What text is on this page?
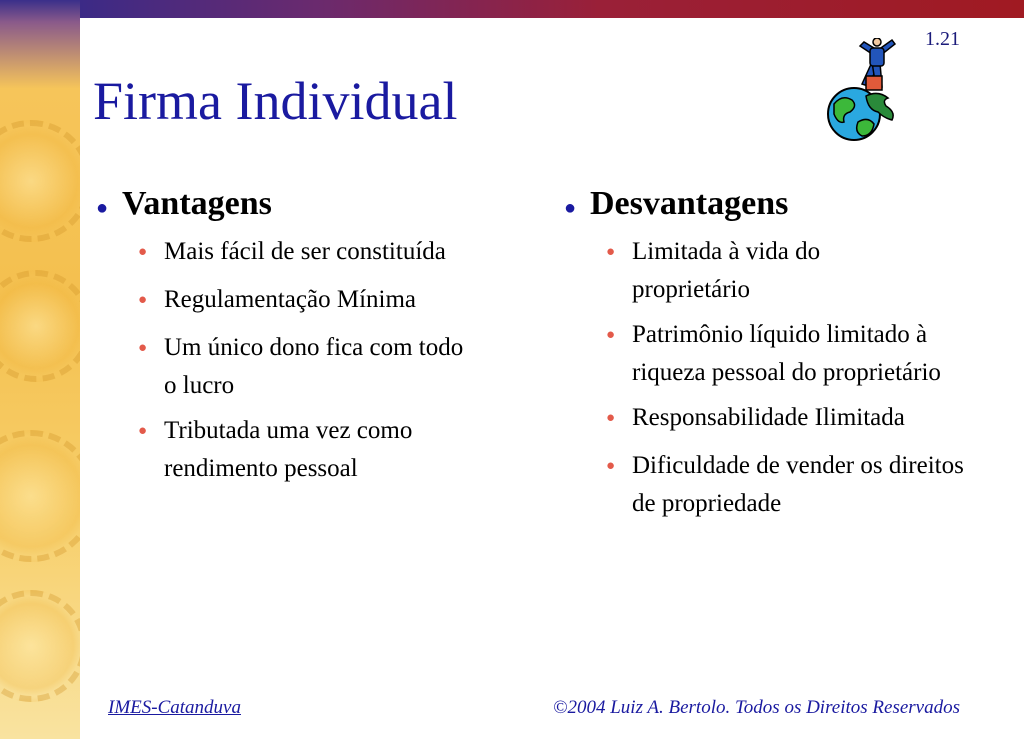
1.21
Firma Individual
● Vantagens
● Mais fácil de ser constituída
● Regulamentação Mínima
● Um único dono fica com todo o lucro
● Tributada uma vez como rendimento pessoal
● Desvantagens
● Limitada à vida do proprietário
● Patrimônio líquido limitado à riqueza pessoal do proprietário
● Responsabilidade Ilimitada
● Dificuldade de vender os direitos de propriedade
IMES-Catanduva	©2004 Luiz A. Bertolo. Todos os Direitos Reservados
